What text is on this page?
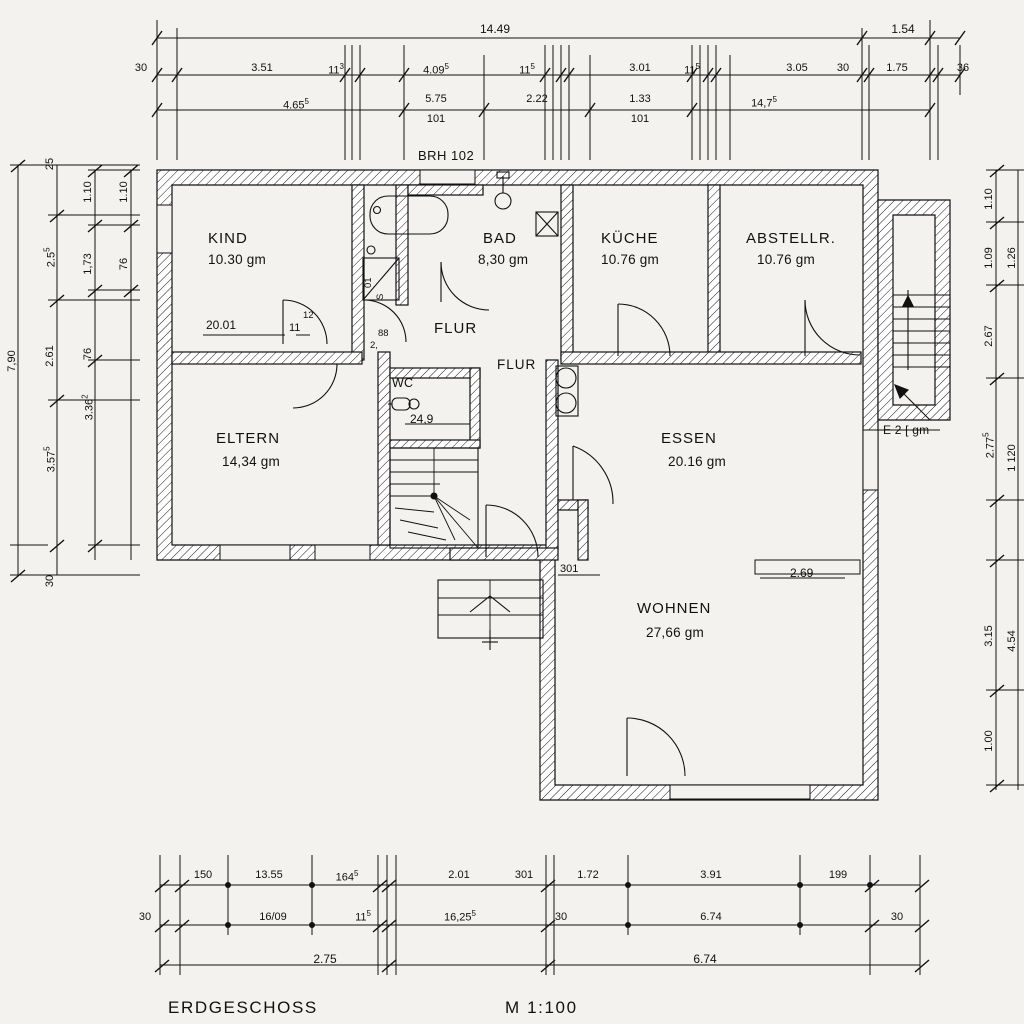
KIND
10.30 gm
BAD
8,30 gm
KÜCHE
10.76 gm
ABSTELLR.
10.76 gm
FLUR
FLUR
WC
ELTERN
14,34 gm
ESSEN
20.16 gm
WOHNEN
27,66 gm
E 2 [ gm
20.01	11
12
24,9
301	2.69
01
S
88
2,
BRH 102
ERDGESCHOSS	M 1:100
14.49	1.54
30	3.51	$11^3$	4.09$^5$	$11^5$	3.01	$11^5$	3.05	30	1.75	36
4.65$^5$	5.75	2.22	1.33	14,7$^5$
101	101
7,90
3.57$^5$
2.61
$2.5^5$
25
30
3.36$^2$
76
1,73
1.10
76
1.10	1.10
1.09
2.67
2.77$^5$
3.15
1.00
1.26
1 120
4.54
150	13.55	$164^5$	2.01	301	1.72	3.91	199
30	16/09	$11^5$	16,25$^5$	30	6.74	30
2.75	6.74
